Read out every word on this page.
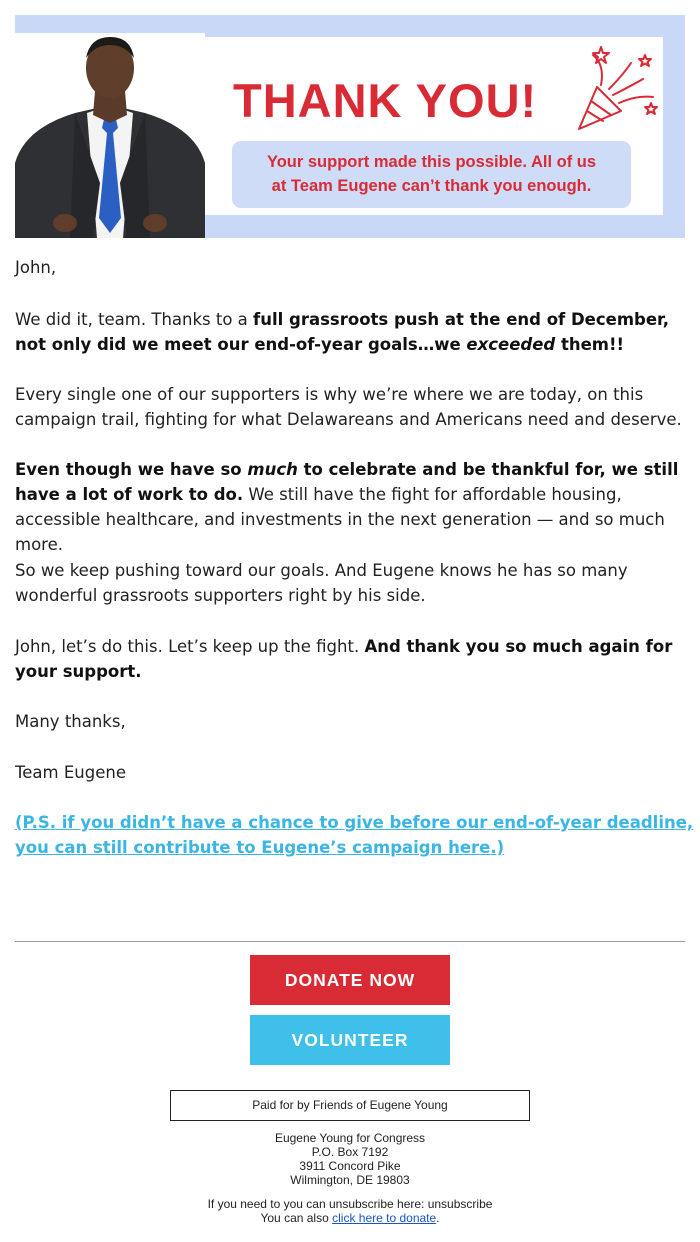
THANK YOU!
Your support made this possible. All of us
at Team Eugene can’t thank you enough.

John,

We did it, team. Thanks to a full grassroots push at the end of December, not only did we meet our end-of-year goals…we exceeded them!!

Every single one of our supporters is why we’re where we are today, on this campaign trail, fighting for what Delawareans and Americans need and deserve.

Even though we have so much to celebrate and be thankful for, we still have a lot of work to do. We still have the fight for affordable housing, accessible healthcare, and investments in the next generation — and so much more.

So we keep pushing toward our goals. And Eugene knows he has so many wonderful grassroots supporters right by his side.

John, let’s do this. Let’s keep up the fight. And thank you so much again for your support.

Many thanks,

Team Eugene

(P.S. if you didn’t have a chance to give before our end-of-year deadline, you can still contribute to Eugene’s campaign here.)

DONATE NOW
VOLUNTEER
Paid for by Friends of Eugene Young
Eugene Young for Congress
P.O. Box 7192
3911 Concord Pike
Wilmington, DE 19803
If you need to you can unsubscribe here: unsubscribe
You can also click here to donate.
